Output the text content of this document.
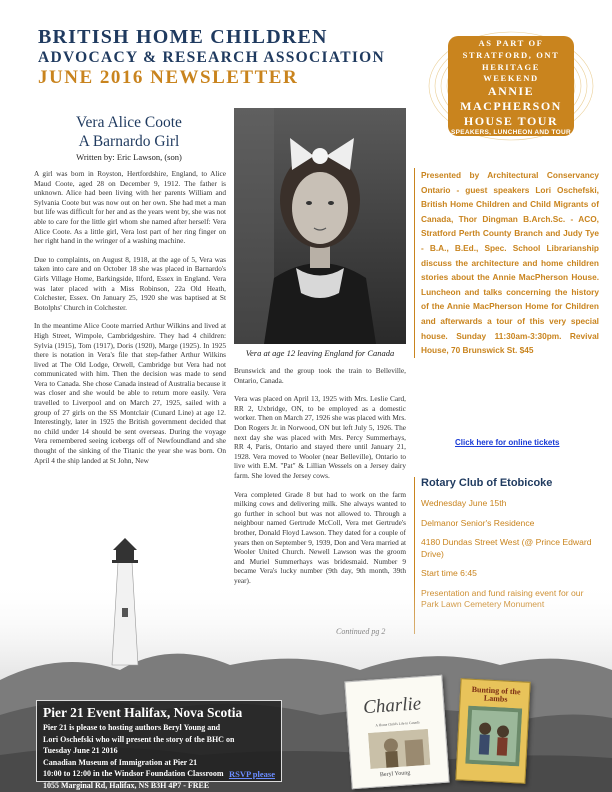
BRITISH HOME CHILDREN
ADVOCACY & RESEARCH ASSOCIATION
JUNE 2016 NEWSLETTER
AS PART OF
STRATFORD, ONT
HERITAGE
WEEKEND
ANNIE
MACPHERSON
HOUSE TOUR
SPEAKERS, LUNCHEON AND TOUR
Vera Alice Coote
A Barnardo Girl
Written by: Eric Lawson, (son)

A girl was born in Royston, Hertfordshire, England, to Alice Maud Coote, aged 28 on December 9, 1912. The father is unknown. Alice had been living with her parents William and Sylvania Coote but was now out on her own. She had met a man but life was difficult for her and as the years went by, she was not able to care for the little girl whom she named after herself: Vera Alice Coote. As a little girl, Vera lost part of her ring finger on her right hand in the wringer of a washing machine.

Due to complaints, on August 8, 1918, at the age of 5, Vera was taken into care and on October 18 she was placed in Barnardo's Girls Village Home, Barkingside, Ilford, Essex in England. Vera was later placed with a Miss Robinson, 22a Old Heath, Colchester, Essex. On January 25, 1920 she was baptised at St Botolphs' Church in Colchester.

In the meantime Alice Coote married Arthur Wilkins and lived at High Street, Wimpole, Cambridgeshire. They had 4 children: Sylvia (1915), Tom (1917), Doris (1920), Marge (1925). In 1925 there is notation in Vera's file that step-father Arthur Wilkins lived at The Old Lodge, Orwell, Cambridge but Vera had not communicated with him. Then the decision was made to send Vera to Canada. She chose Canada instead of Australia because it was closer and she would be able to return more easily. Vera travelled to Liverpool and on March 27, 1925, sailed with a group of 27 girls on the SS Montclair (Cunard Line) at age 12. Interestingly, later in 1925 the British government decided that no child under 14 should be sent overseas. During the voyage Vera remembered seeing icebergs off of Newfoundland and she thought of the sinking of the Titanic the year she was born. On April 4 the ship landed at St John, New

Vera at age 12 leaving England for Canada

Brunswick and the group took the train to Belleville, Ontario, Canada.

Vera was placed on April 13, 1925 with Mrs. Leslie Card, RR 2, Uxbridge, ON, to be employed as a domestic worker. Then on March 27, 1926 she was placed with Mrs. Don Rogers Jr. in Norwood, ON but left July 5, 1926. The next day she was placed with Mrs. Percy Summerhays, RR 4, Paris, Ontario and stayed there until January 21, 1928. Vera moved to Wooler (near Belleville), Ontario to live with E.M. "Pat" & Lillian Wessels on a Jersey dairy farm. She loved the Jersey cows.

Vera completed Grade 8 but had to work on the farm milking cows and delivering milk. She always wanted to go further in school but was not allowed to. Through a neighbour named Gertrude McColl, Vera met Gertrude's brother, Donald Floyd Lawson. They dated for a couple of years then on September 9, 1939, Don and Vera married at Wooler United Church. Newell Lawson was the groom and Muriel Summerhays was bridesmaid. Number 9 became Vera's lucky number (9th day, 9th month, 39th

Presented by Architectural Conservancy Ontario - guest speakers Lori Oschefski, British Home Children and Child Migrants of Canada, Thor Dingman B.Arch.Sc. - ACO, Stratford Perth County Branch and Judy Tye - B.A., B.Ed., Spec. School Librarianship discuss the architecture and home children stories about the Annie MacPherson House. Luncheon and talks concerning the history of the Annie MacPherson Home for Children and afterwards a tour of this very special house. Sunday 11:30am-3:30pm. Revival House, 70 Brunswick St. $45
Click here for online tickets
Rotary Club of Etobicoke
Wednesday June 15th
Delmanor Senior's Residence
4180 Dundas Street West (@ Prince Edward Drive)
Start time 6:45
Pier 21 Event Halifax, Nova Scotia
Pier 21 is please to hosting authors Beryl Young and
Lori Oschefski who will present the story of the BHC on
Tuesday June 21 2016
Canadian Museum of Immigration at Pier 21
10:00 to 12:00 in the Windsor Foundation Classroom
1055 Marginal Rd, Halifax, NS B3H 4P7 - FREE
RSVP please
Charlie
A Home Child's Life in Canada
Beryl Young
Bunting of the Lambs
